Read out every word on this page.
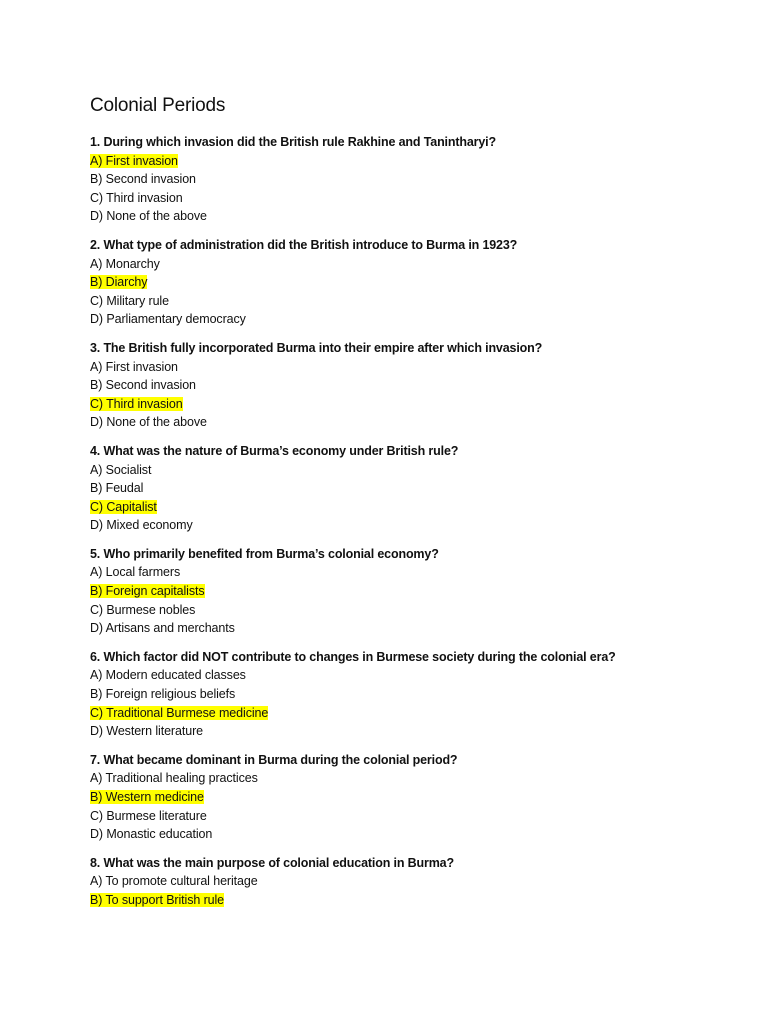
Colonial Periods
1. During which invasion did the British rule Rakhine and Tanintharyi?
A) First invasion
B) Second invasion
C) Third invasion
D) None of the above
2. What type of administration did the British introduce to Burma in 1923?
A) Monarchy
B) Diarchy
C) Military rule
D) Parliamentary democracy
3. The British fully incorporated Burma into their empire after which invasion?
A) First invasion
B) Second invasion
C) Third invasion
D) None of the above
4. What was the nature of Burma’s economy under British rule?
A) Socialist
B) Feudal
C) Capitalist
D) Mixed economy
5. Who primarily benefited from Burma’s colonial economy?
A) Local farmers
B) Foreign capitalists
C) Burmese nobles
D) Artisans and merchants
6. Which factor did NOT contribute to changes in Burmese society during the colonial era?
A) Modern educated classes
B) Foreign religious beliefs
C) Traditional Burmese medicine
D) Western literature
7. What became dominant in Burma during the colonial period?
A) Traditional healing practices
B) Western medicine
C) Burmese literature
D) Monastic education
8. What was the main purpose of colonial education in Burma?
A) To promote cultural heritage
B) To support British rule
